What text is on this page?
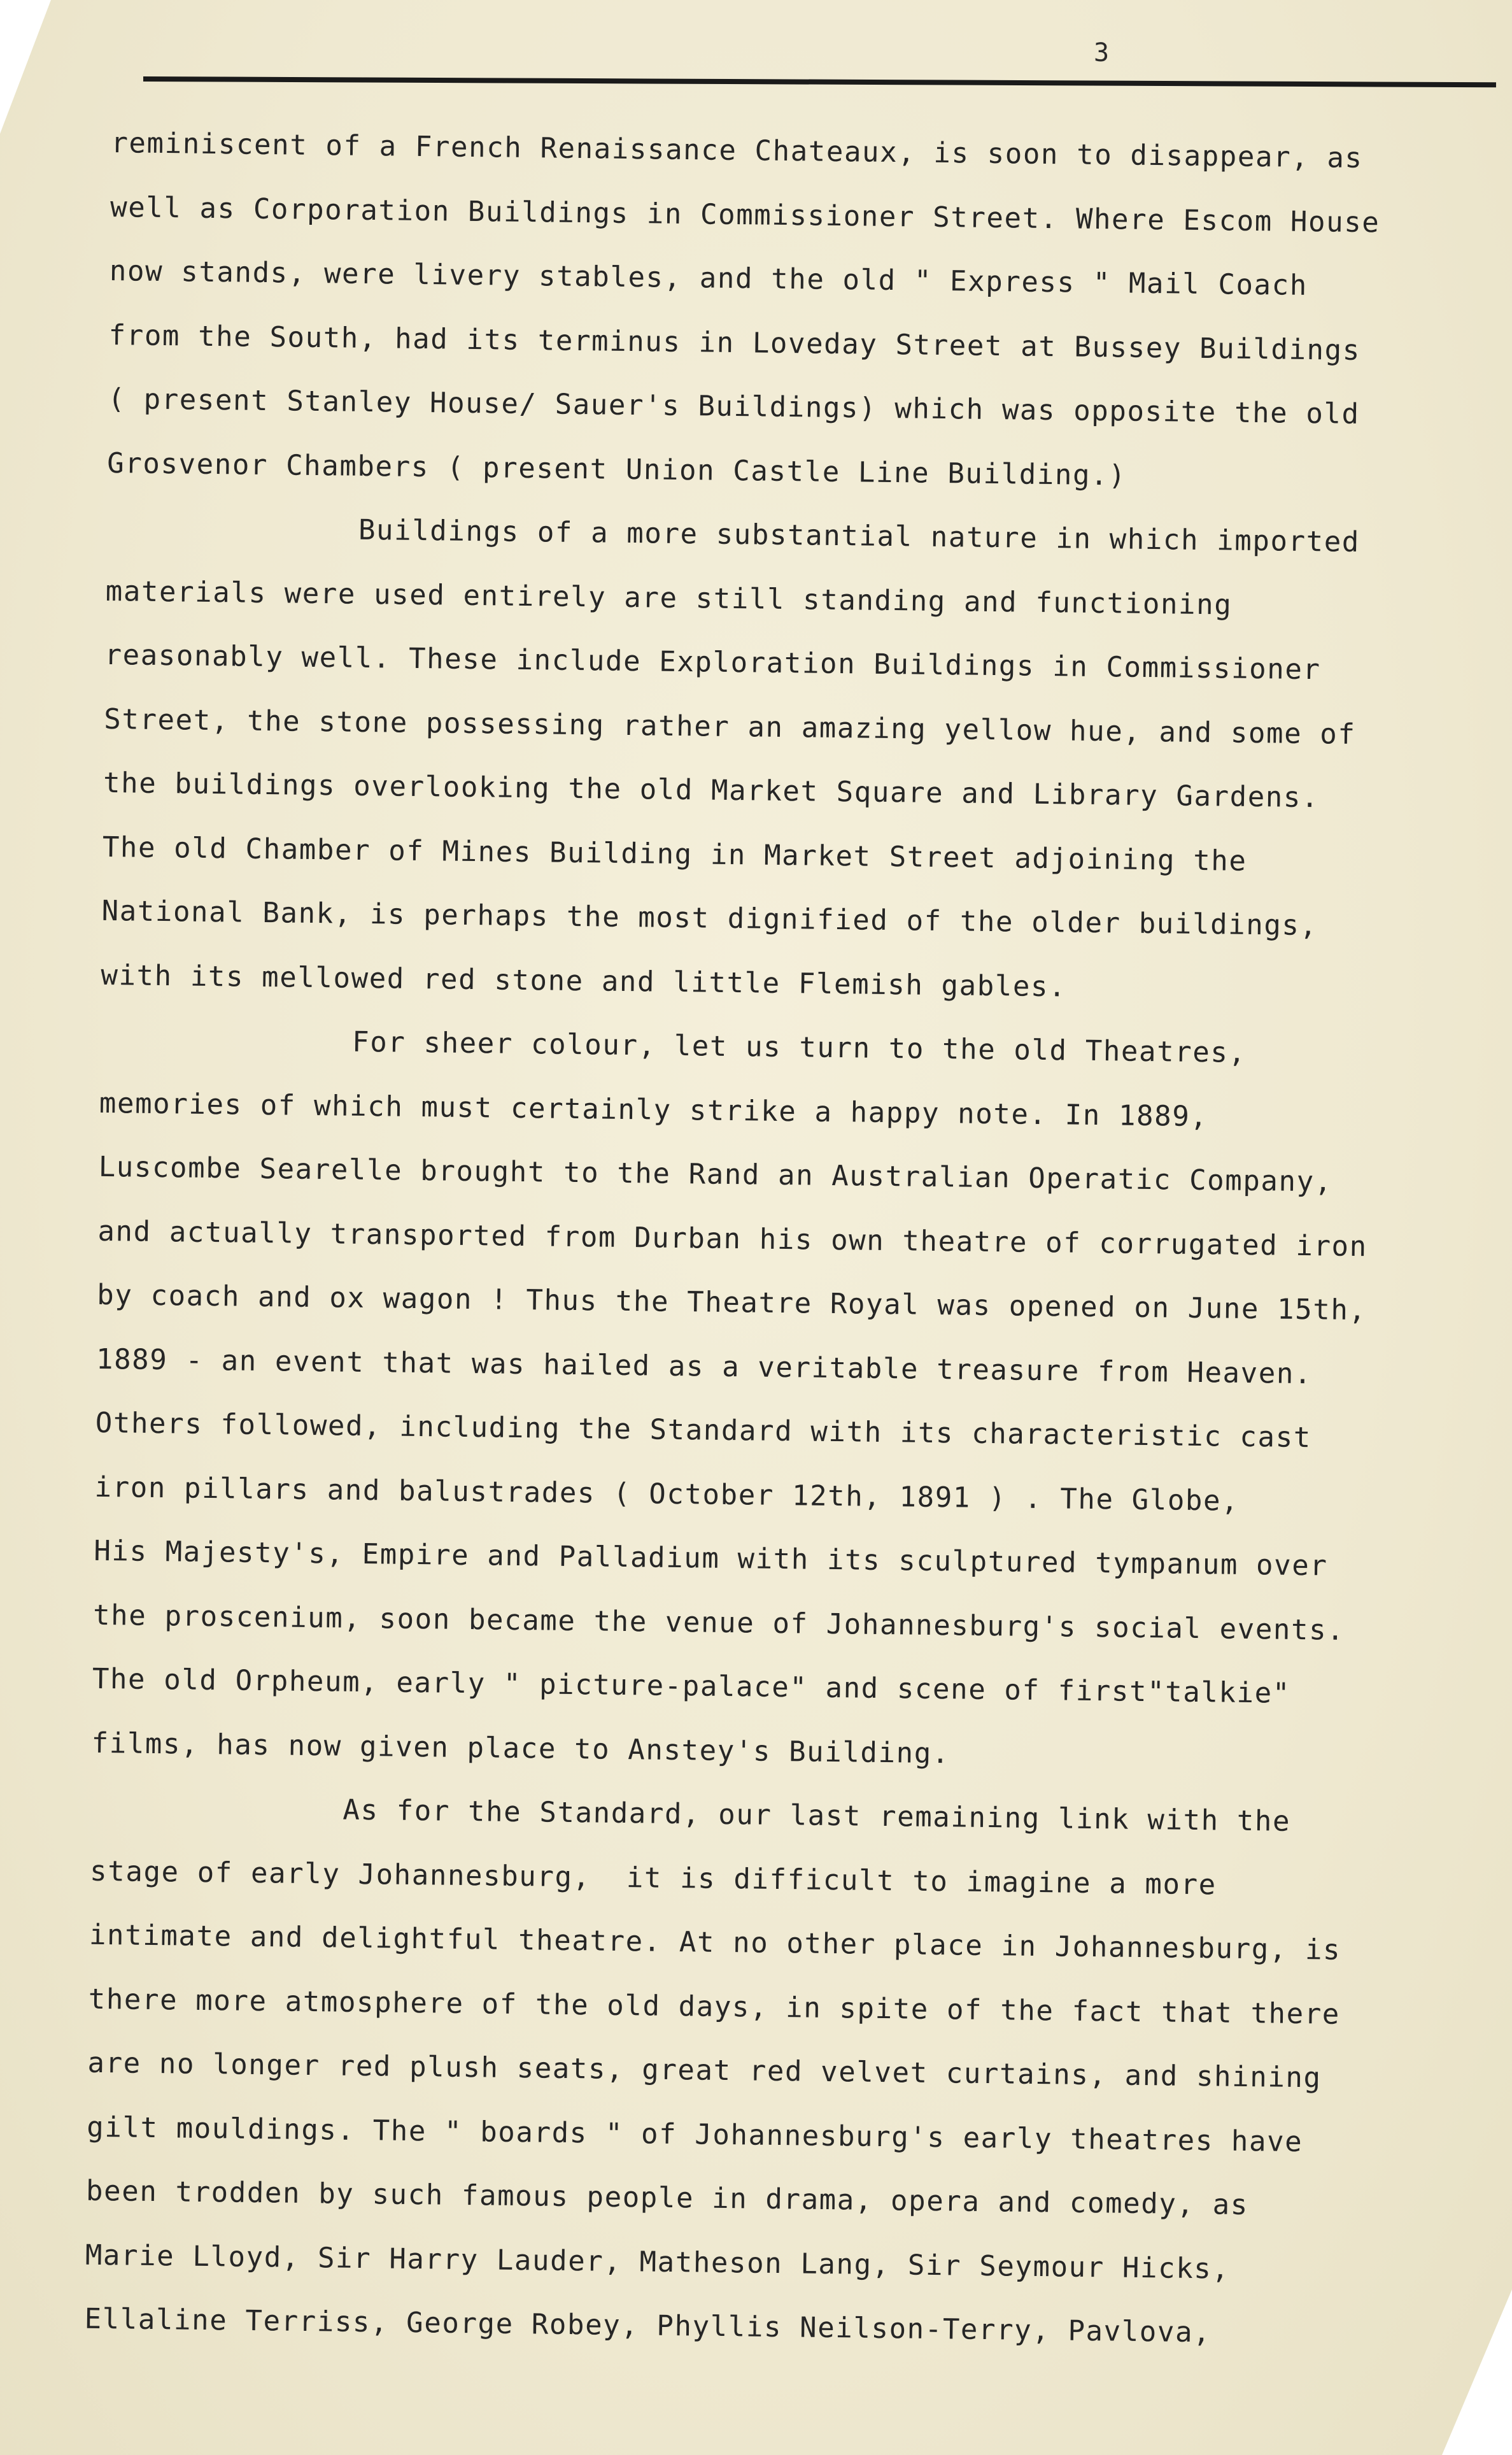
3
reminiscent of a French Renaissance Chateaux, is soon to disappear, as
well as Corporation Buildings in Commissioner Street. Where Escom House
now stands, were livery stables, and the old " Express " Mail Coach
from the South, had its terminus in Loveday Street at Bussey Buildings
( present Stanley House/ Sauer's Buildings) which was opposite the old
Grosvenor Chambers ( present Union Castle Line Building.)
Buildings of a more substantial nature in which imported
materials were used entirely are still standing and functioning
reasonably well. These include Exploration Buildings in Commissioner
Street, the stone possessing rather an amazing yellow hue, and some of
the buildings overlooking the old Market Square and Library Gardens.
The old Chamber of Mines Building in Market Street adjoining the
National Bank, is perhaps the most dignified of the older buildings,
with its mellowed red stone and little Flemish gables.
For sheer colour, let us turn to the old Theatres,
memories of which must certainly strike a happy note. In 1889,
Luscombe Searelle brought to the Rand an Australian Operatic Company,
and actually transported from Durban his own theatre of corrugated iron
by coach and ox wagon ! Thus the Theatre Royal was opened on June 15th,
1889 - an event that was hailed as a veritable treasure from Heaven.
Others followed, including the Standard with its characteristic cast
iron pillars and balustrades ( October 12th, 1891 ) . The Globe,
His Majesty's, Empire and Palladium with its sculptured tympanum over
the proscenium, soon became the venue of Johannesburg's social events.
The old Orpheum, early " picture-palace" and scene of first"talkie"
films, has now given place to Anstey's Building.
As for the Standard, our last remaining link with the
stage of early Johannesburg,  it is difficult to imagine a more
intimate and delightful theatre. At no other place in Johannesburg, is
there more atmosphere of the old days, in spite of the fact that there
are no longer red plush seats, great red velvet curtains, and shining
gilt mouldings. The " boards " of Johannesburg's early theatres have
been trodden by such famous people in drama, opera and comedy, as
Marie Lloyd, Sir Harry Lauder, Matheson Lang, Sir Seymour Hicks,
Ellaline Terriss, George Robey, Phyllis Neilson-Terry, Pavlova,
